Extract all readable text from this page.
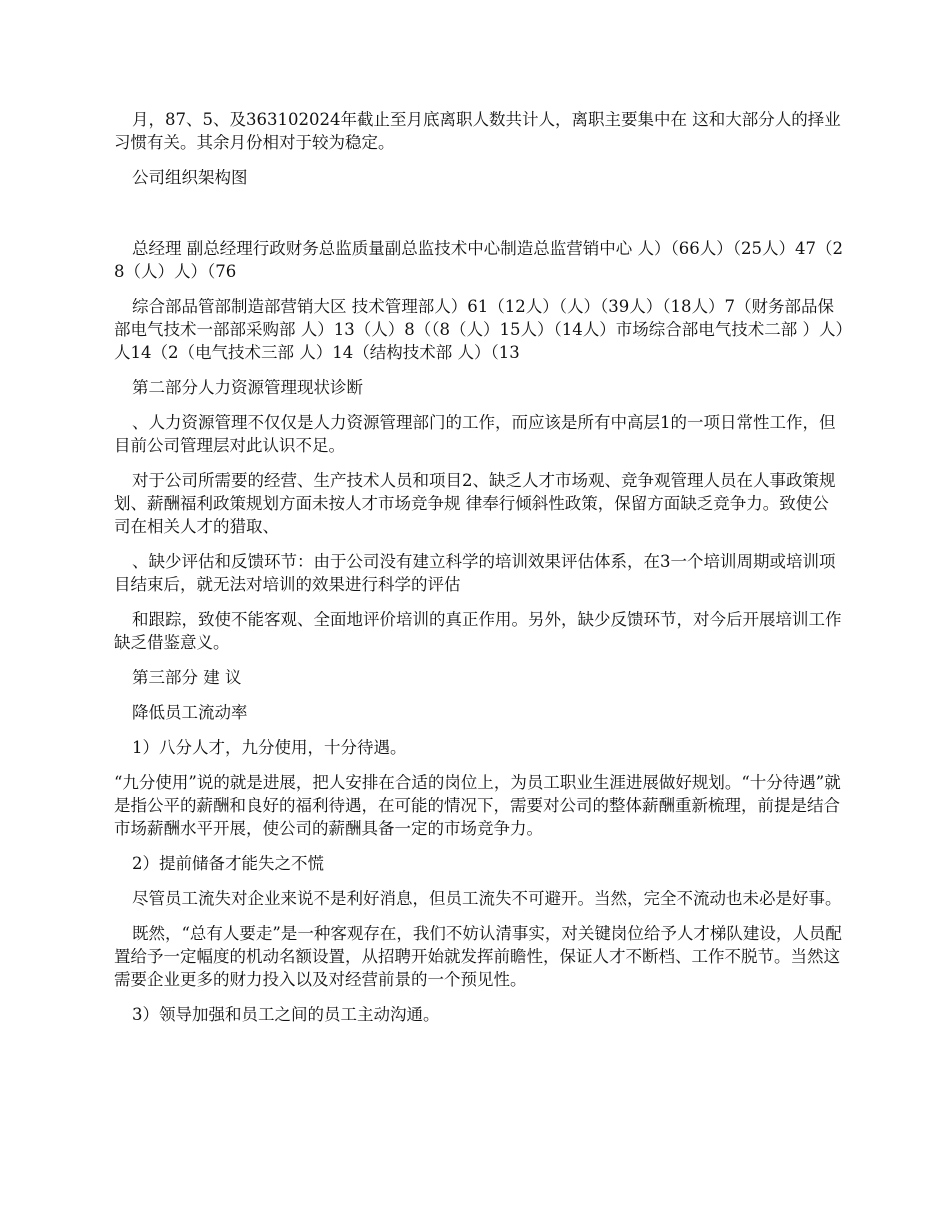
月，87、5、及363102024年截止至月底离职人数共计人，离职主要集中在 这和大部分人的择业习惯有关。其余月份相对于较为稳定。

公司组织架构图

总经理 副总经理行政财务总监质量副总监技术中心制造总监营销中心 人）（66人）（25人）47（28（人）人）（76

综合部品管部制造部营销大区 技术管理部人）61（12人）（人）（39人）（18人）7（财务部品保部电气技术一部部采购部 人）13（人）8（（8（人）15人）（14人）市场综合部电气技术二部 ）人）人14（2（电气技术三部 人）14（结构技术部 人）（13

第二部分人力资源管理现状诊断

、人力资源管理不仅仅是人力资源管理部门的工作，而应该是所有中高层1的一项日常性工作，但目前公司管理层对此认识不足。

对于公司所需要的经营、生产技术人员和项目2、缺乏人才市场观、竞争观管理人员在人事政策规划、薪酬福利政策规划方面未按人才市场竞争规 律奉行倾斜性政策，保留方面缺乏竞争力。致使公司在相关人才的猎取、

、缺少评估和反馈环节：由于公司没有建立科学的培训效果评估体系，在3一个培训周期或培训项目结束后，就无法对培训的效果进行科学的评估

和跟踪，致使不能客观、全面地评价培训的真正作用。另外，缺少反馈环节，对今后开展培训工作缺乏借鉴意义。

第三部分 建 议

降低员工流动率

1）八分人才，九分使用，十分待遇。

“九分使用”说的就是进展，把人安排在合适的岗位上，为员工职业生涯进展做好规划。“十分待遇”就是指公平的薪酬和良好的福利待遇，在可能的情况下，需要对公司的整体薪酬重新梳理，前提是结合市场薪酬水平开展，使公司的薪酬具备一定的市场竞争力。

2）提前储备才能失之不慌

尽管员工流失对企业来说不是利好消息，但员工流失不可避开。当然，完全不流动也未必是好事。

既然，“总有人要走”是一种客观存在，我们不妨认清事实，对关键岗位给予人才梯队建设，人员配置给予一定幅度的机动名额设置，从招聘开始就发挥前瞻性，保证人才不断档、工作不脱节。当然这需要企业更多的财力投入以及对经营前景的一个预见性。

3）领导加强和员工之间的员工主动沟通。
